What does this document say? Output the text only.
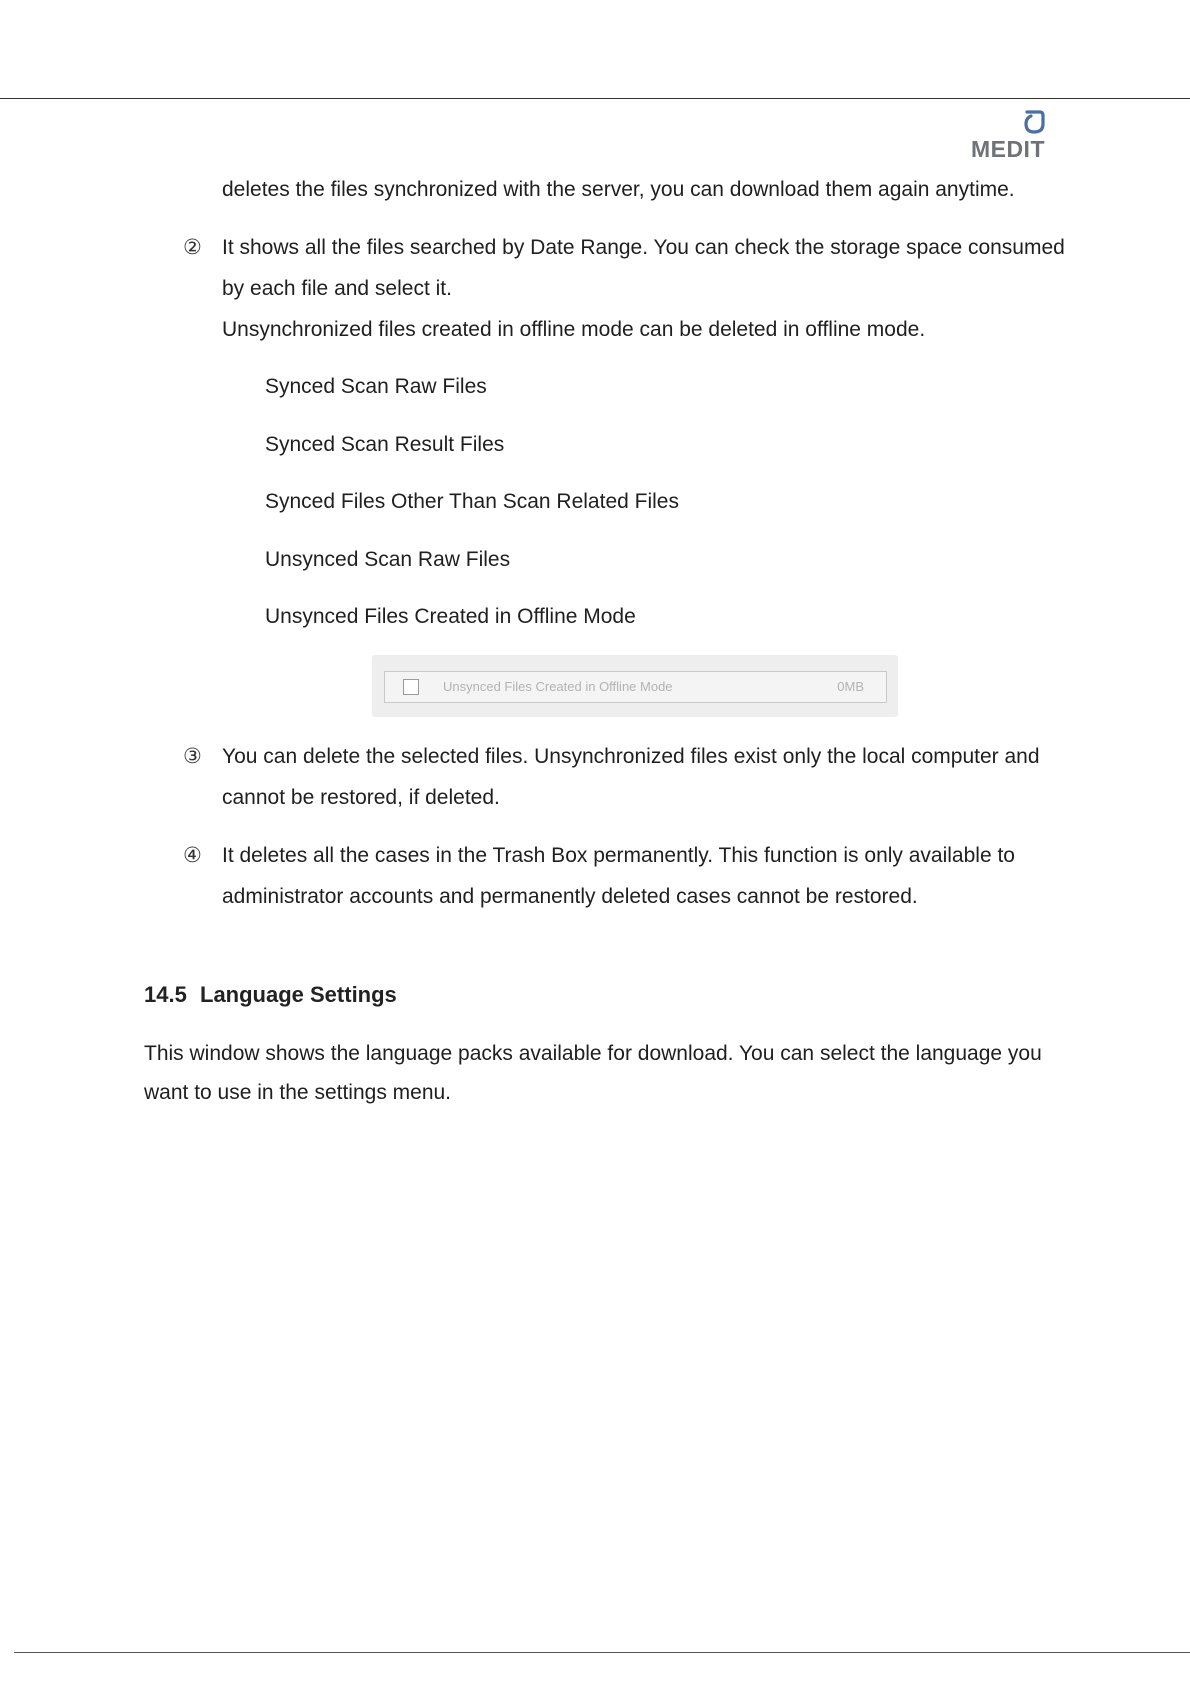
MEDIT
deletes the files synchronized with the server, you can download them again anytime.
② It shows all the files searched by Date Range. You can check the storage space consumed
by each file and select it.
Unsynchronized files created in offline mode can be deleted in offline mode.
Synced Scan Raw Files
Synced Scan Result Files
Synced Files Other Than Scan Related Files
Unsynced Scan Raw Files
Unsynced Files Created in Offline Mode
Unsynced Files Created in Offline Mode	0MB
③ You can delete the selected files. Unsynchronized files exist only the local computer and
cannot be restored, if deleted.
④ It deletes all the cases in the Trash Box permanently. This function is only available to
administrator accounts and permanently deleted cases cannot be restored.
14.5 Language Settings
This window shows the language packs available for download. You can select the language you
want to use in the settings menu.
